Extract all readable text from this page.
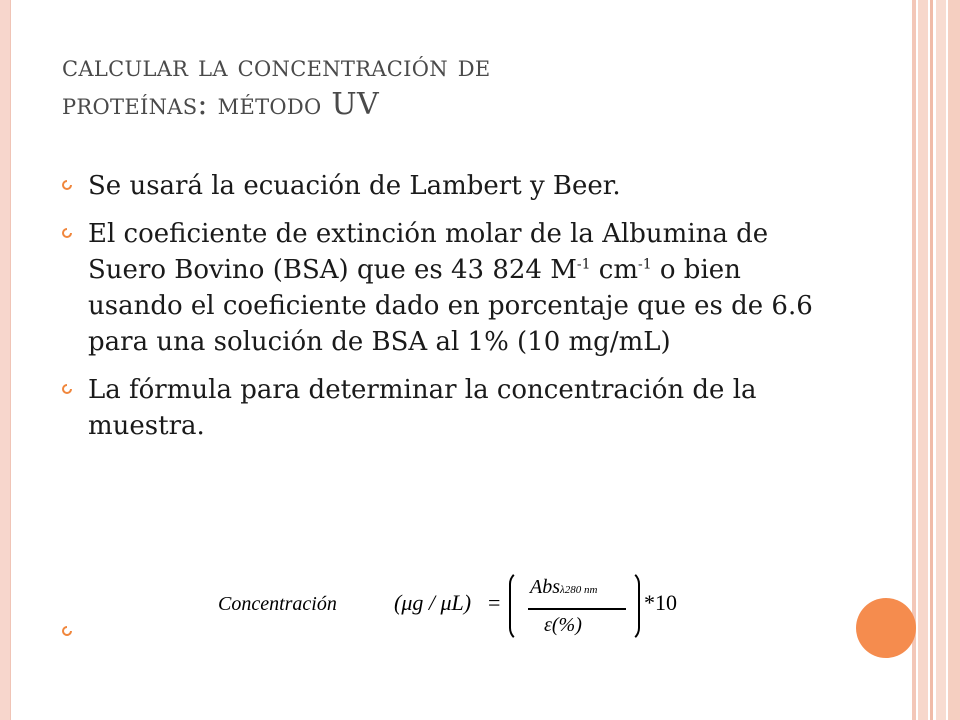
calcular la concentración de
proteínas: método UV
Se usará la ecuación de Lambert y Beer.
El coeficiente de extinción molar de la Albumina de Suero Bovino (BSA) que es 43 824 $M^{-1}$ $cm^{-1}$ o bien usando el coeficiente dado en porcentaje que es de 6.6 para una solución de BSA al 1% (10 mg/mL)
La fórmula para determinar la concentración de la muestra.
Concentración	(μg / μL) =
Absλ280 nm
ε(%)
*10
